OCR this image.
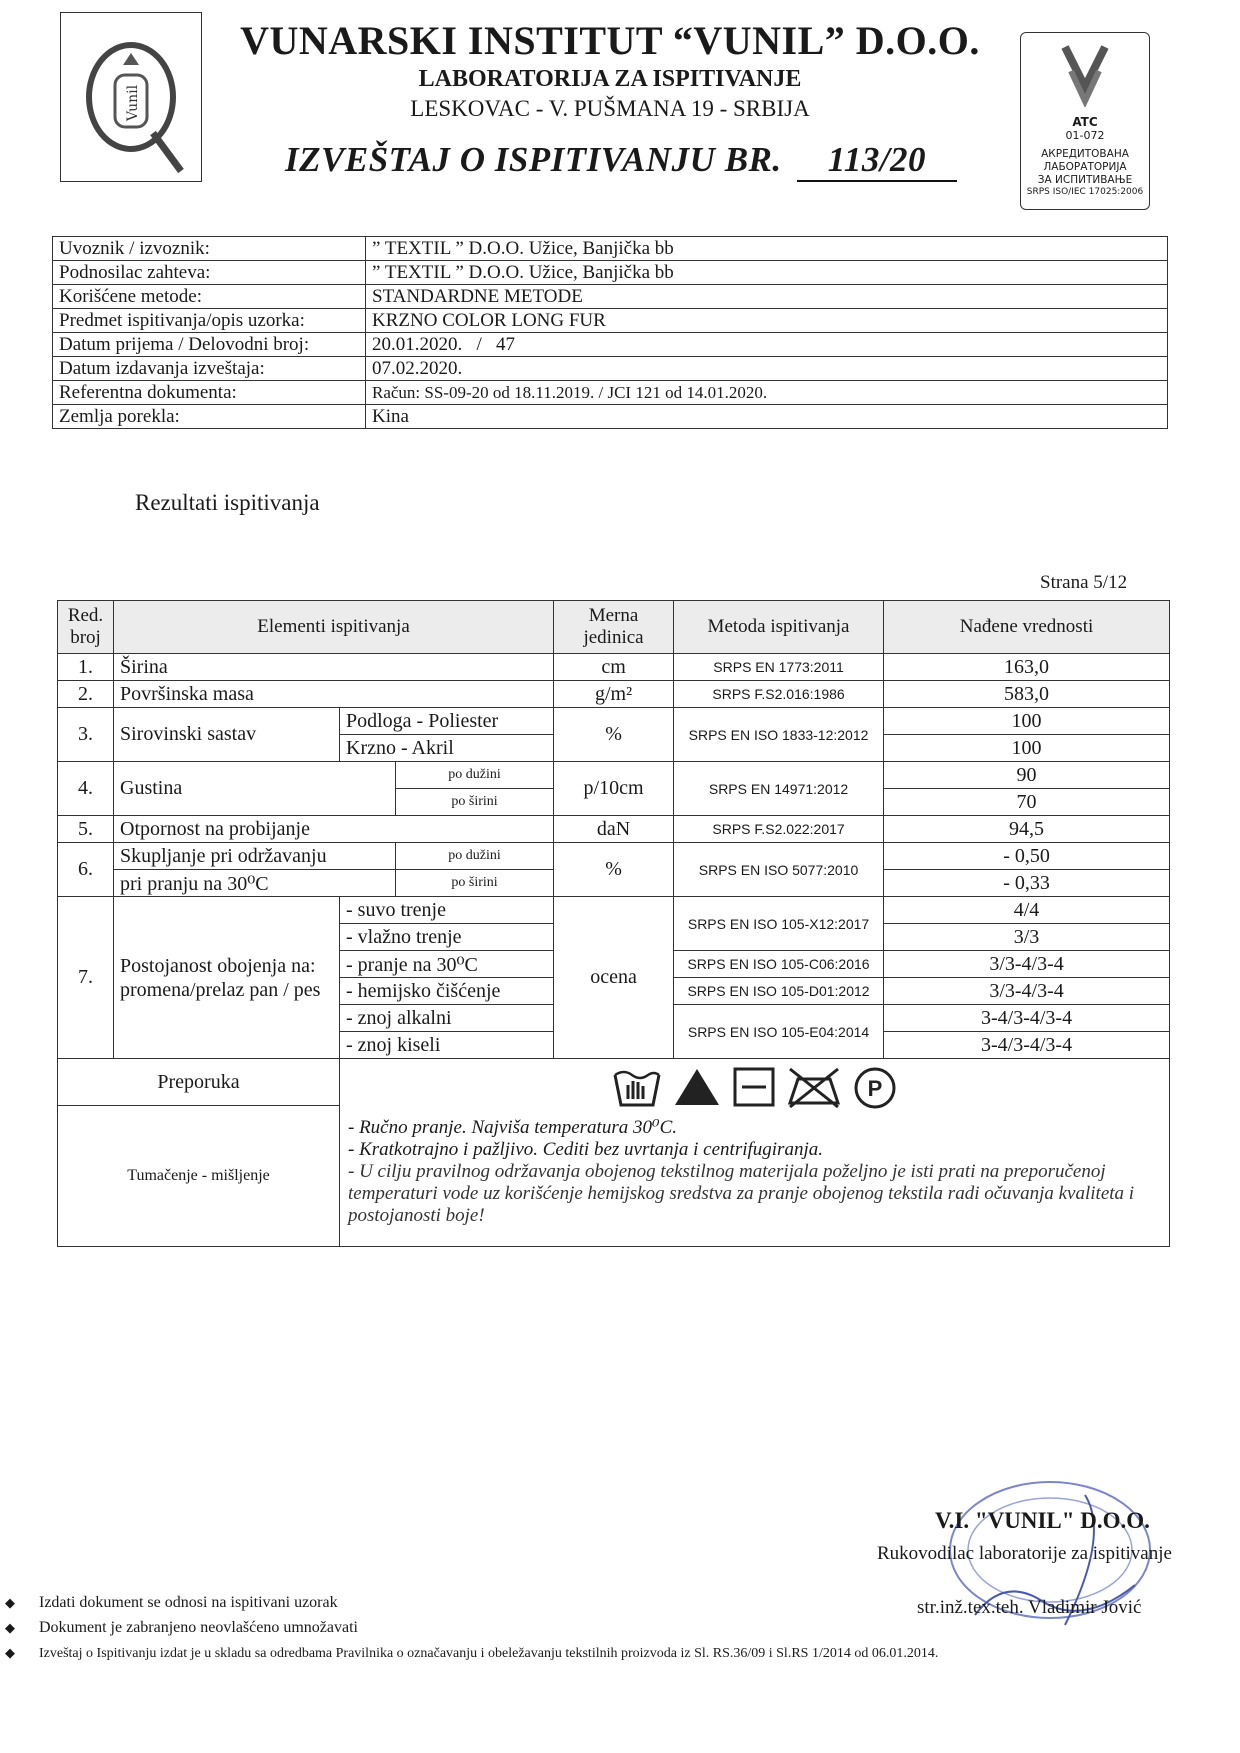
Vunil
VUNARSKI INSTITUT “VUNIL” D.O.O.
LABORATORIJA ZA ISPITIVANJE
LESKOVAC - V. PUŠMANA 19 - SRBIJA
IZVEŠTAJ O ISPITIVANJU BR. 113/20
ATC
01-072
АКРЕДИТОВАНА
ЛАБОРАТОРИЈА
ЗА ИСПИТИВАЊЕ
SRPS ISO/IEC 17025:2006
Uvoznik / izvoznik:	” TEXTIL ” D.O.O. Užice, Banjička bb
Podnosilac zahteva:	” TEXTIL ” D.O.O. Užice, Banjička bb
Korišćene metode:	STANDARDNE METODE
Predmet ispitivanja/opis uzorka:	KRZNO COLOR LONG FUR
Datum prijema / Delovodni broj:	20.01.2020.   /   47
Datum izdavanja izveštaja:	07.02.2020.
Referentna dokumenta:	Račun: SS-09-20 od 18.11.2019. / JCI 121 od 14.01.2020.
Zemlja porekla:	Kina
Rezultati ispitivanja
Strana 5/12
Red. broj	Elementi ispitivanja			Merna jedinica	Metoda ispitivanja	Nađene vrednosti
1.	Širina			cm	SRPS EN 1773:2011	163,0
2.	Površinska masa			g/m²	SRPS F.S2.016:1986	583,0
3.	Sirovinski sastav	Podloga - Poliester		%	SRPS EN ISO 1833-12:2012	100
		Krzno - Akril				100
4.	Gustina		po dužini	p/10cm	SRPS EN 14971:2012	90
			po širini			70
5.	Otpornost na probijanje			daN	SRPS F.S2.022:2017	94,5
6.	Skupljanje pri održavanju		po dužini	%	SRPS EN ISO 5077:2010	- 0,50
	pri pranju na 30⁰C		po širini			- 0,33
7.	Postojanost obojenja na: promena/prelaz pan / pes	- suvo trenje		ocena	SRPS EN ISO 105-X12:2017	4/4
		- vlažno trenje				3/3
		- pranje na 30⁰C			SRPS EN ISO 105-C06:2016	3/3-4/3-4
		- hemijsko čišćenje			SRPS EN ISO 105-D01:2012	3/3-4/3-4
		- znoj alkalni			SRPS EN ISO 105-E04:2014	3-4/3-4/3-4
		- znoj kiseli				3-4/3-4/3-4
Preporuka		P
- Ručno pranje. Najviša temperatura 30⁰C.
- Kratkotrajno i pažljivo. Cediti bez uvrtanja i centrifugiranja.
- U cilju pravilnog održavanja obojenog tekstilnog materijala poželjno je isti prati na preporučenoj temperaturi vode uz korišćenje hemijskog sredstva za pranje obojenog tekstila radi očuvanja kvaliteta i postojanosti boje!				

Tumačenje - mišljenje						
V.I. "VUNIL" D.O.O.
Rukovodilac laboratorije za ispitivanje
str.inž.tex.teh. Vladimir Jović
◆ Izdati dokument se odnosi na ispitivani uzorak
◆ Dokument je zabranjeno neovlašćeno umnožavati
◆ Izveštaj o Ispitivanju izdat je u skladu sa odredbama Pravilnika o označavanju i obeležavanju tekstilnih proizvoda iz Sl. RS.36/09 i Sl.RS 1/2014 od 06.01.2014.
